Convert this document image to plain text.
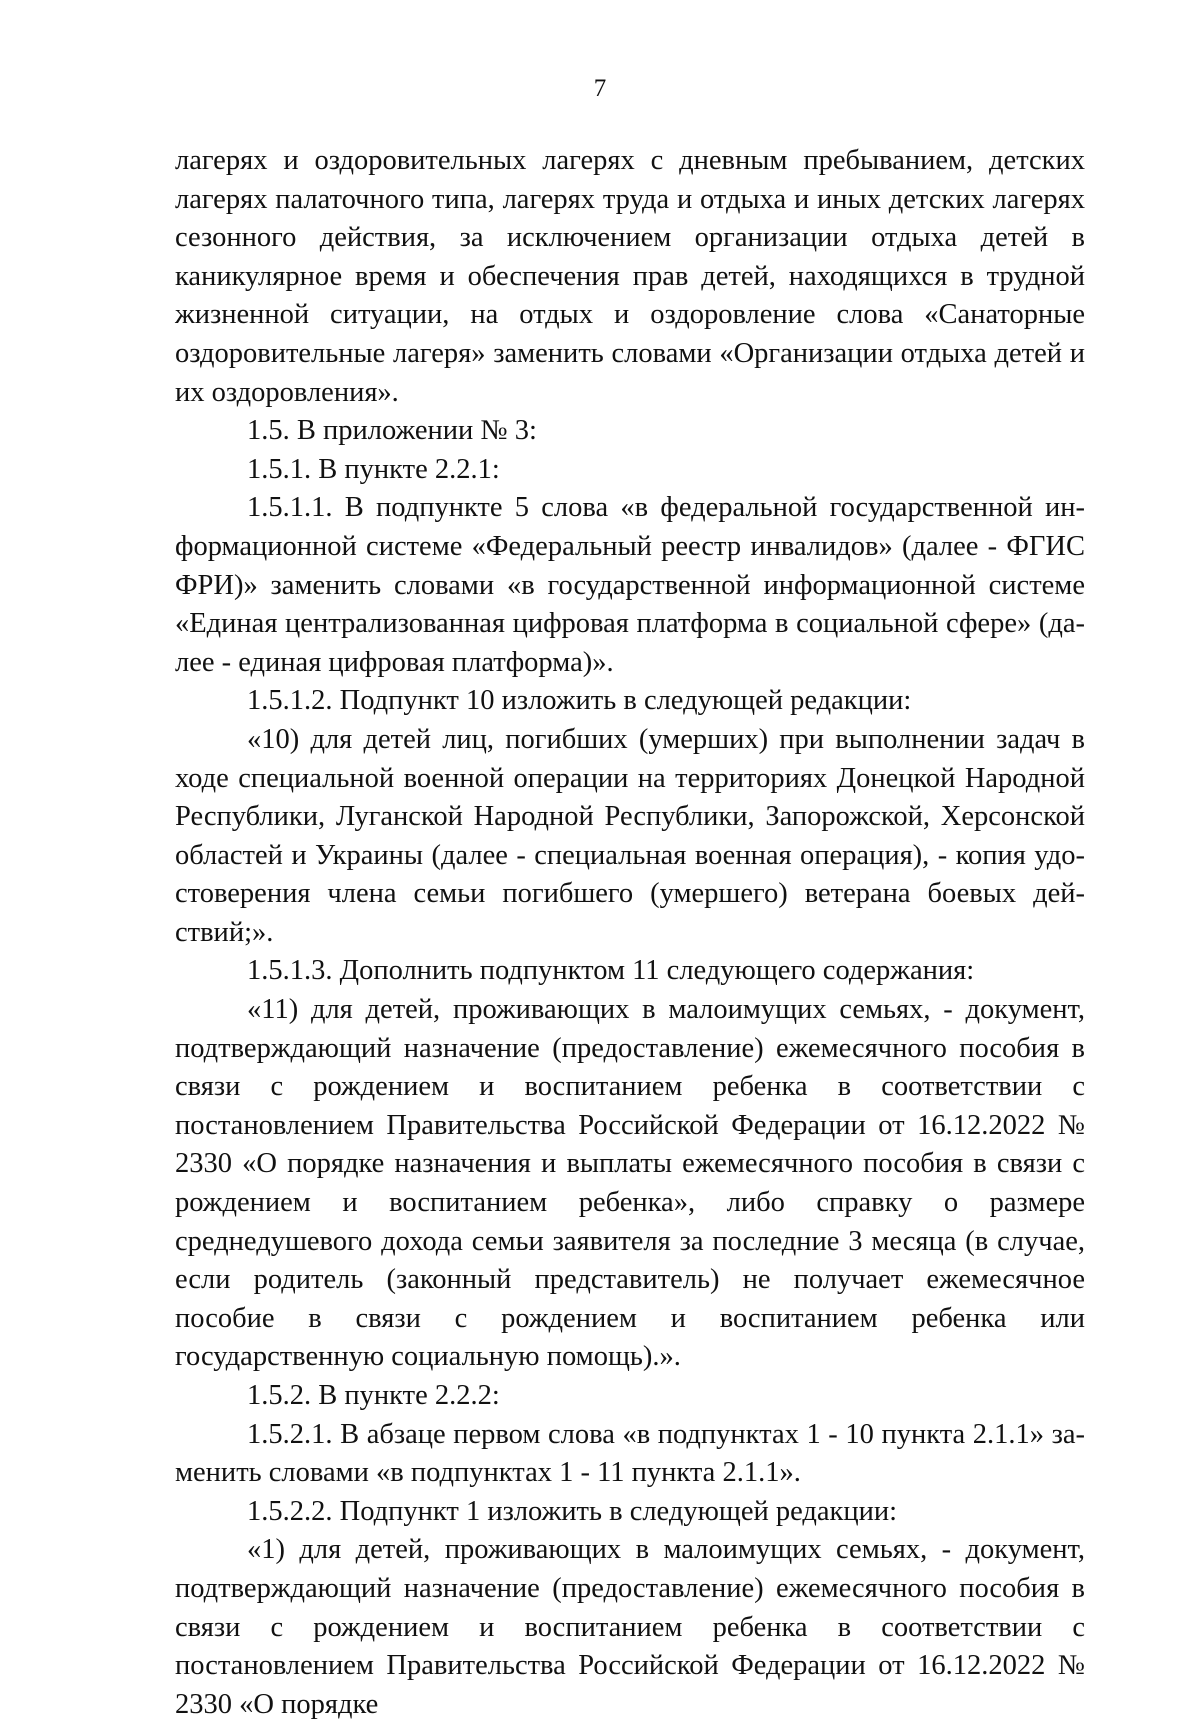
7

лагерях и оздоровительных лагерях с дневным пребыванием, детских лагерях палаточного типа, лагерях труда и отдыха и иных детских лагерях сезонного действия, за исключением организации отдыха детей в каникулярное время и обеспечения прав детей, находящихся в трудной жизненной ситуации, на отдых и оздоровление слова «Санаторные оздоровительные лагеря» заменить словами «Организации отдыха детей и их оздоровления».

1.5. В приложении № 3:

1.5.1. В пункте 2.2.1:

1.5.1.1. В подпункте 5 слова «в федеральной государственной информационной системе «Федеральный реестр инвалидов» (далее - ФГИС ФРИ)» заменить словами «в государственной информационной системе «Единая централизованная цифровая платформа в социальной сфере» (далее - единая цифровая платформа)».

1.5.1.2. Подпункт 10 изложить в следующей редакции:

«10) для детей лиц, погибших (умерших) при выполнении задач в ходе специальной военной операции на территориях Донецкой Народной Республики, Луганской Народной Республики, Запорожской, Херсонской областей и Украины (далее - специальная военная операция), - копия удостоверения члена семьи погибшего (умершего) ветерана боевых действий;».

1.5.1.3. Дополнить подпунктом 11 следующего содержания:

«11) для детей, проживающих в малоимущих семьях, - документ, подтверждающий назначение (предоставление) ежемесячного пособия в связи с рождением и воспитанием ребенка в соответствии с постановлением Правительства Российской Федерации от 16.12.2022 № 2330 «О порядке назначения и выплаты ежемесячного пособия в связи с рождением и воспитанием ребенка», либо справку о размере среднедушевого дохода семьи заявителя за последние 3 месяца (в случае, если родитель (законный представитель) не получает ежемесячное пособие в связи с рождением и воспитанием ребенка или государственную социальную помощь).».

1.5.2. В пункте 2.2.2:

1.5.2.1. В абзаце первом слова «в подпунктах 1 - 10 пункта 2.1.1» заменить словами «в подпунктах 1 - 11 пункта 2.1.1».

1.5.2.2. Подпункт 1 изложить в следующей редакции:

«1) для детей, проживающих в малоимущих семьях, - документ, подтверждающий назначение (предоставление) ежемесячного пособия в связи с рождением и воспитанием ребенка в соответствии с постановлением Правительства Российской Федерации от 16.12.2022 № 2330 «О порядке
